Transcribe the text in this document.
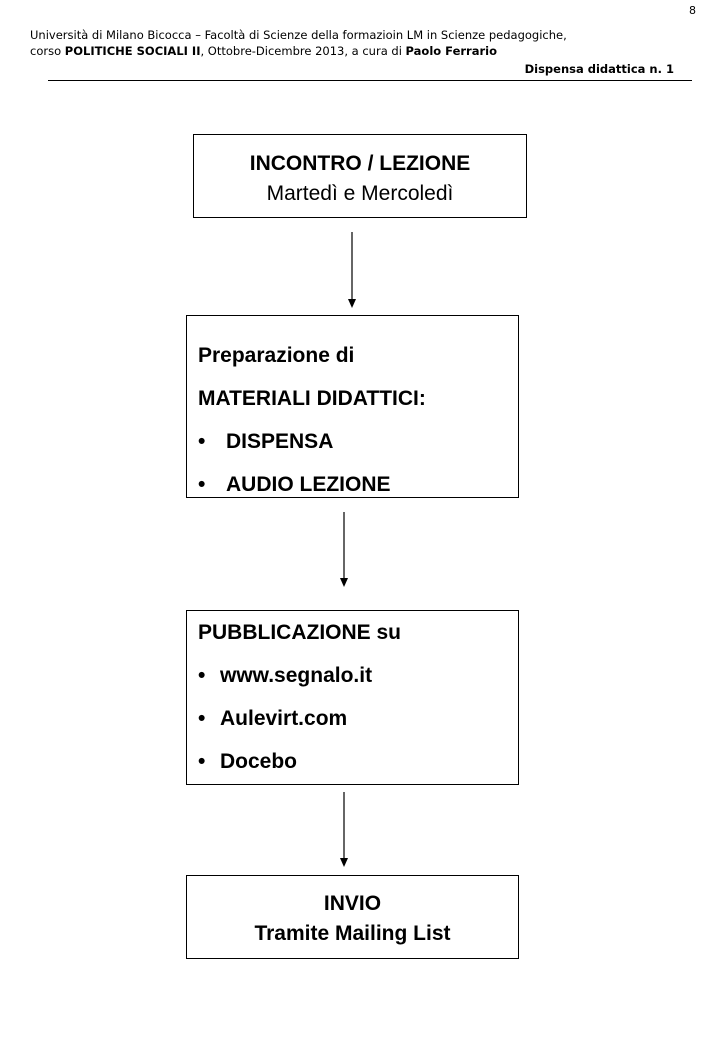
8
Università di Milano Bicocca – Facoltà di Scienze della formazioin LM in Scienze pedagogiche,
corso POLITICHE SOCIALI II, Ottobre-Dicembre 2013, a cura di Paolo Ferrario
Dispensa didattica n. 1
INCONTRO / LEZIONE
Martedì e Mercoledì
Preparazione di
MATERIALI DIDATTICI:
• DISPENSA
• AUDIO LEZIONE
PUBBLICAZIONE su
• www.segnalo.it
• Aulevirt.com
• Docebo
INVIO
Tramite Mailing List
